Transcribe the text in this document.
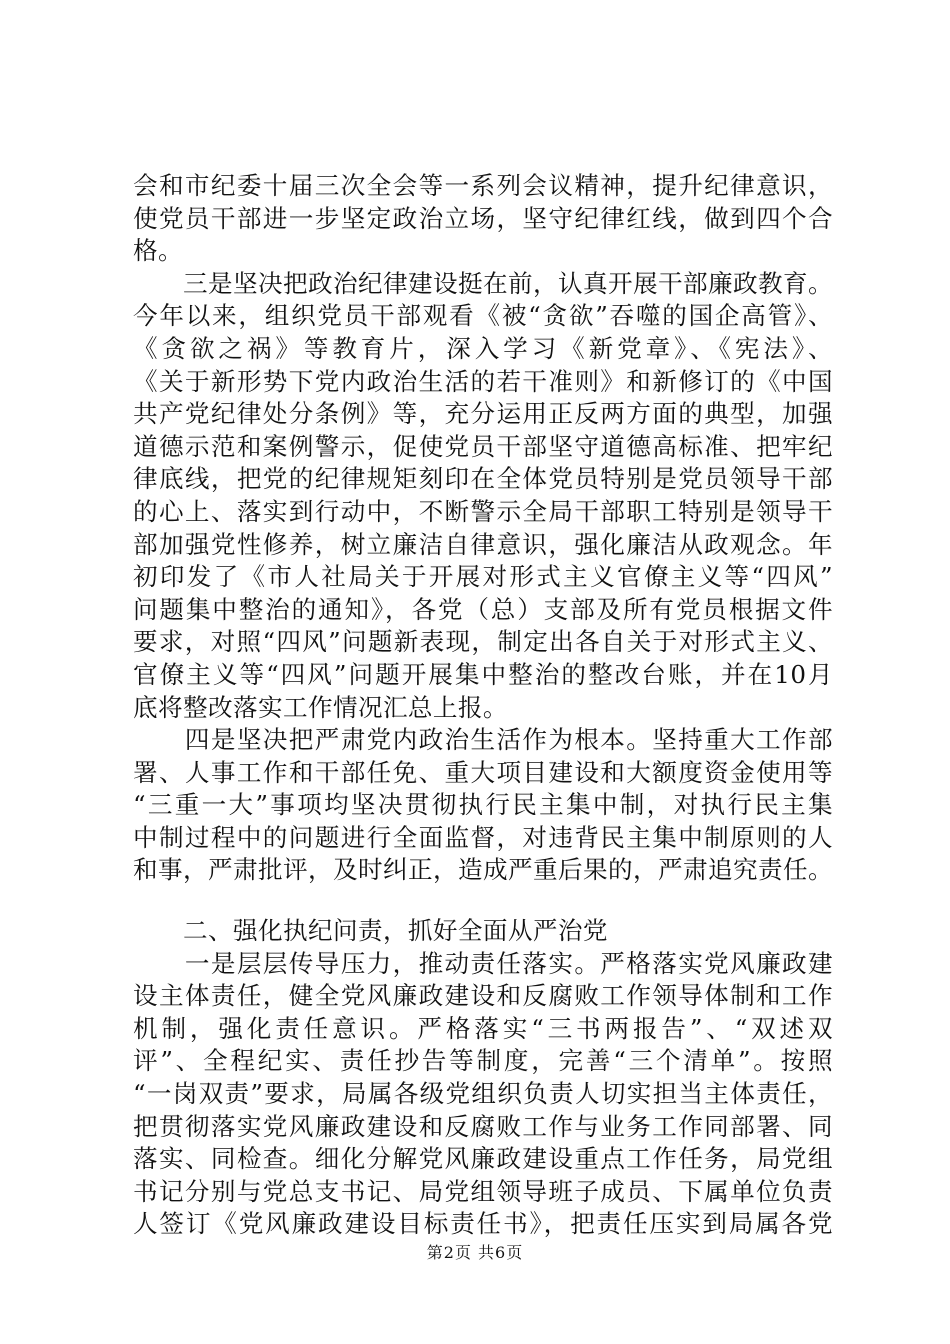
会和市纪委十届三次全会等一系列会议精神，提升纪律意识，
使党员干部进一步坚定政治立场，坚守纪律红线，做到四个合
格。
　　三是坚决把政治纪律建设挺在前，认真开展干部廉政教育。
今年以来，组织党员干部观看《被“贪欲”吞噬的国企高管》、
《贪欲之祸》等教育片，深入学习《新党章》、《宪法》、
《关于新形势下党内政治生活的若干准则》和新修订的《中国
共产党纪律处分条例》等，充分运用正反两方面的典型，加强
道德示范和案例警示，促使党员干部坚守道德高标准、把牢纪
律底线，把党的纪律规矩刻印在全体党员特别是党员领导干部
的心上、落实到行动中，不断警示全局干部职工特别是领导干
部加强党性修养，树立廉洁自律意识，强化廉洁从政观念。年
初印发了《市人社局关于开展对形式主义官僚主义等“四风”
问题集中整治的通知》，各党（总）支部及所有党员根据文件
要求，对照“四风”问题新表现，制定出各自关于对形式主义、
官僚主义等“四风”问题开展集中整治的整改台账，并在10月
底将整改落实工作情况汇总上报。
　　四是坚决把严肃党内政治生活作为根本。坚持重大工作部
署、人事工作和干部任免、重大项目建设和大额度资金使用等
“三重一大”事项均坚决贯彻执行民主集中制，对执行民主集
中制过程中的问题进行全面监督，对违背民主集中制原则的人
和事，严肃批评，及时纠正，造成严重后果的，严肃追究责任。
　　二、强化执纪问责，抓好全面从严治党
　　一是层层传导压力，推动责任落实。严格落实党风廉政建
设主体责任，健全党风廉政建设和反腐败工作领导体制和工作
机制，强化责任意识。严格落实“三书两报告”、“双述双
评”、全程纪实、责任抄告等制度，完善“三个清单”。按照
“一岗双责”要求，局属各级党组织负责人切实担当主体责任，
把贯彻落实党风廉政建设和反腐败工作与业务工作同部署、同
落实、同检查。细化分解党风廉政建设重点工作任务，局党组
书记分别与党总支书记、局党组领导班子成员、下属单位负责
人签订《党风廉政建设目标责任书》，把责任压实到局属各党
第2页 共6页
